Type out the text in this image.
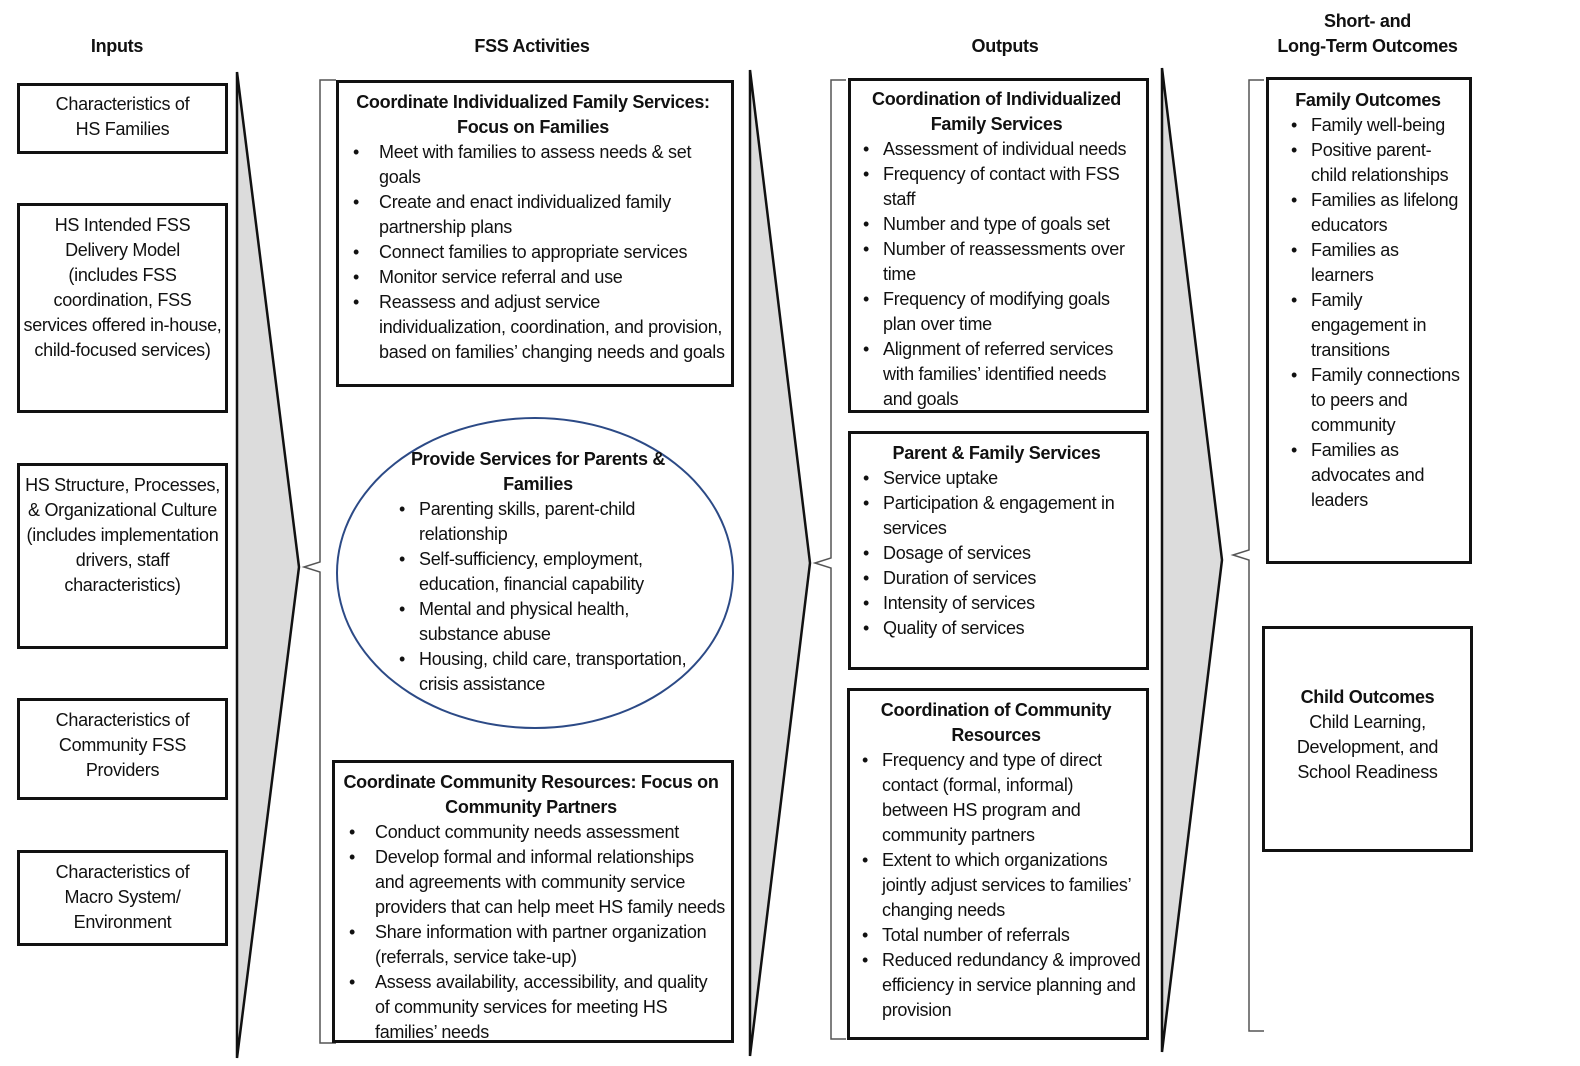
Inputs	FSS Activities	Outputs
Short- and
Long-Term Outcomes
Characteristics of
HS Families
HS Intended FSS
Delivery Model
(includes FSS
coordination, FSS
services offered in-house,
child-focused services)
HS Structure, Processes,
& Organizational Culture
(includes implementation
drivers, staff
characteristics)
Characteristics of
Community FSS
Providers
Characteristics of
Macro System/
Environment
Coordinate Individualized Family Services:
Focus on Families
• Meet with families to assess needs & set
goals
• Create and enact individualized family
partnership plans
• Connect families to appropriate services
• Monitor service referral and use
• Reassess and adjust service
individualization, coordination, and provision,
based on families’ changing needs and goals
Provide Services for Parents &
Families
• Parenting skills, parent-child
relationship
• Self-sufficiency, employment,
education, financial capability
• Mental and physical health,
substance abuse
• Housing, child care, transportation,
crisis assistance
Coordinate Community Resources: Focus on
Community Partners
• Conduct community needs assessment
• Develop formal and informal relationships
and agreements with community service
providers that can help meet HS family needs
• Share information with partner organization
(referrals, service take-up)
• Assess availability, accessibility, and quality
of community services for meeting HS
families’ needs
Coordination of Individualized
Family Services
• Assessment of individual needs
• Frequency of contact with FSS
staff
• Number and type of goals set
• Number of reassessments over
time
• Frequency of modifying goals
plan over time
• Alignment of referred services
with families’ identified needs
and goals
Parent & Family Services
• Service uptake
• Participation & engagement in
services
• Dosage of services
• Duration of services
• Intensity of services
• Quality of services
Coordination of Community
Resources
• Frequency and type of direct
contact (formal, informal)
between HS program and
community partners
• Extent to which organizations
jointly adjust services to families’
changing needs
• Total number of referrals
• Reduced redundancy & improved
efficiency in service planning and
provision
Family Outcomes
• Family well-being
• Positive parent-
child relationships
• Families as lifelong
educators
• Families as
learners
• Family
engagement in
transitions
• Family connections
to peers and
community
• Families as
advocates and
leaders
Child Outcomes
Child Learning,
Development, and
School Readiness
